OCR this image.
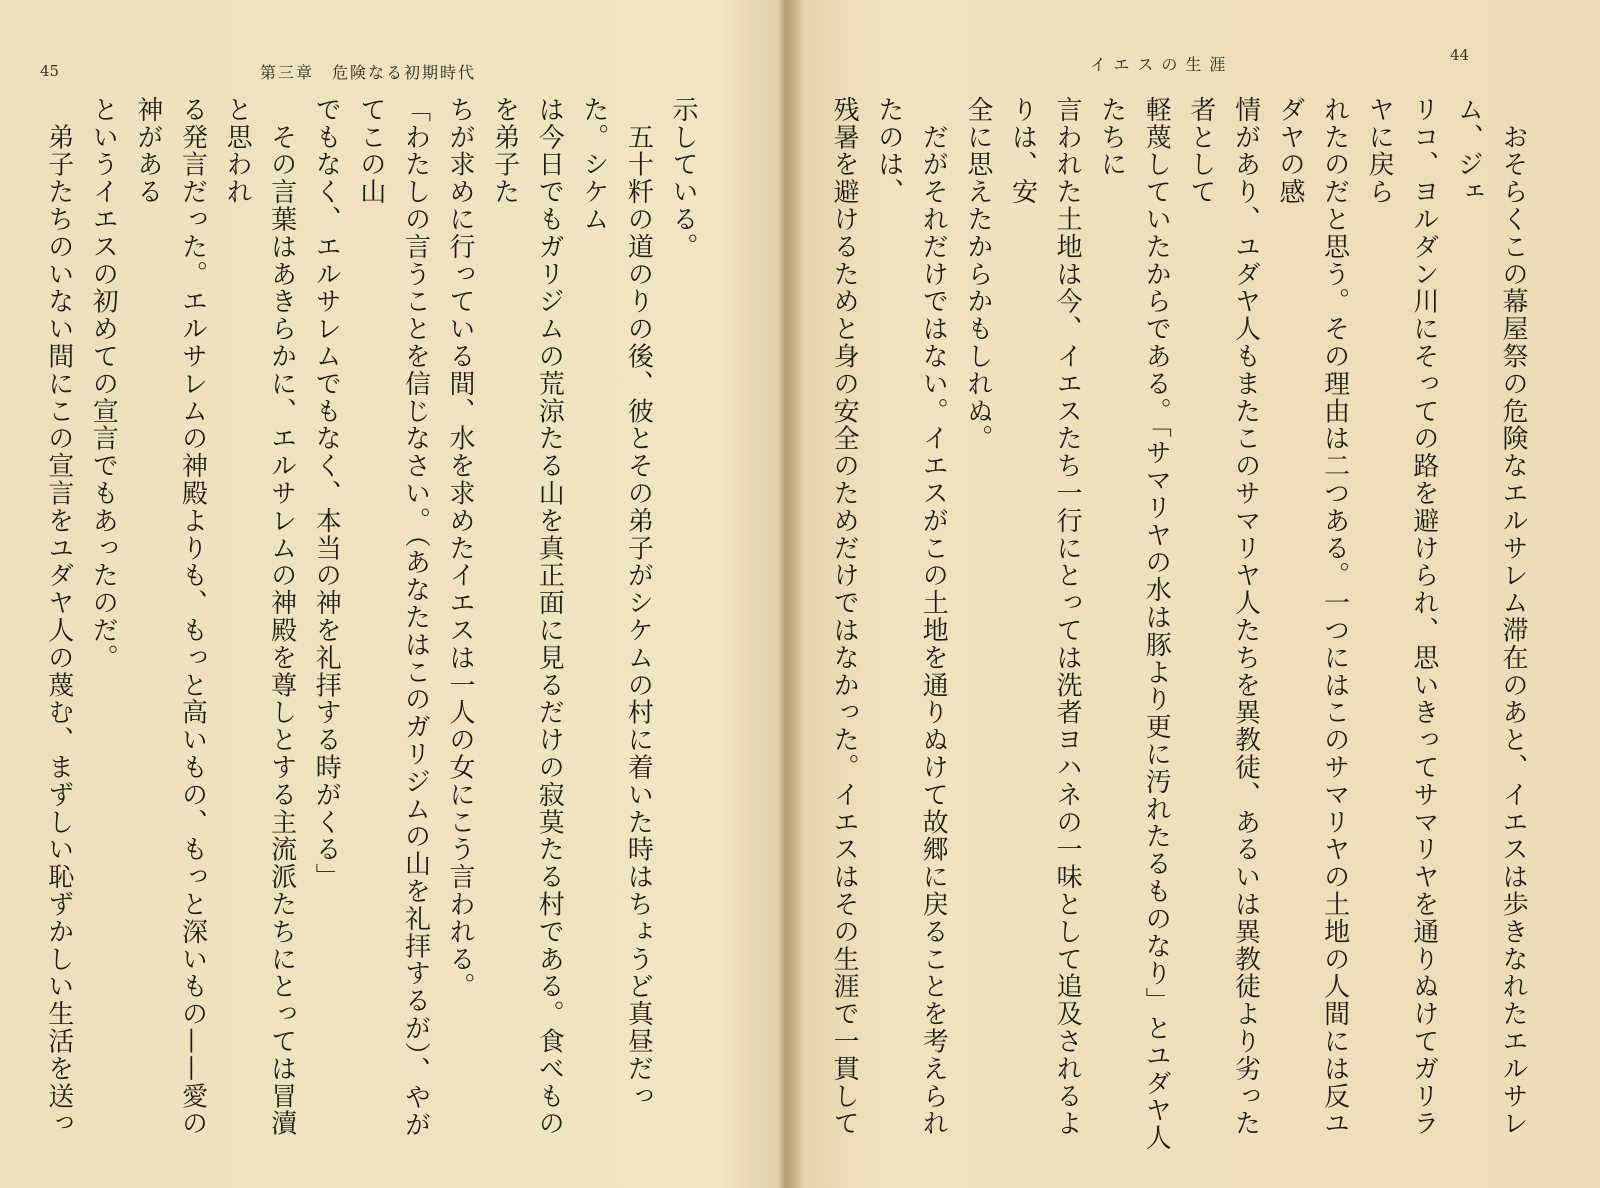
45	第三章　危険なる初期時代
示している。
　五十粁の道のりの後、彼とその弟子がシケムの村に着いた時はちょうど真昼だった。シケム
は今日でもガリジムの荒涼たる山を真正面に見るだけの寂莫たる村である。食べものを弟子た
ちが求めに行っている間、水を求めたイエスは一人の女にこう言われる。
「わたしの言うことを信じなさい。（あなたはこのガリジムの山を礼拝するが）、やがてこの山
でもなく、エルサレムでもなく、本当の神を礼拝する時がくる」
　その言葉はあきらかに、エルサレムの神殿を尊しとする主流派たちにとっては冒瀆と思われ
る発言だった。エルサレムの神殿よりも、もっと高いもの、もっと深いもの——愛の神がある
というイエスの初めての宣言でもあったのだ。
　弟子たちのいない間にこの宣言をユダヤ人の蔑む、まずしい恥ずかしい生活を送っ

イエスの生涯	44
　おそらくこの幕屋祭の危険なエルサレム滞在のあと、イエスは歩きなれたエルサレム、ジェ
リコ、ヨルダン川にそっての路を避けられ、思いきってサマリヤを通りぬけてガリラヤに戻ら
れたのだと思う。その理由は二つある。一つにはこのサマリヤの土地の人間には反ユダヤの感
情があり、ユダヤ人もまたこのサマリヤ人たちを異教徒、あるいは異教徒より劣った者として
軽蔑していたからである。「サマリヤの水は豚より更に汚れたるものなり」とユダヤ人たちに
言われた土地は今、イエスたち一行にとっては洗者ヨハネの一味として追及されるよりは、安
全に思えたからかもしれぬ。
　だがそれだけではない。イエスがこの土地を通りぬけて故郷に戻ることを考えられたのは、
残暑を避けるためと身の安全のためだけではなかった。イエスはその生涯で一貫して
